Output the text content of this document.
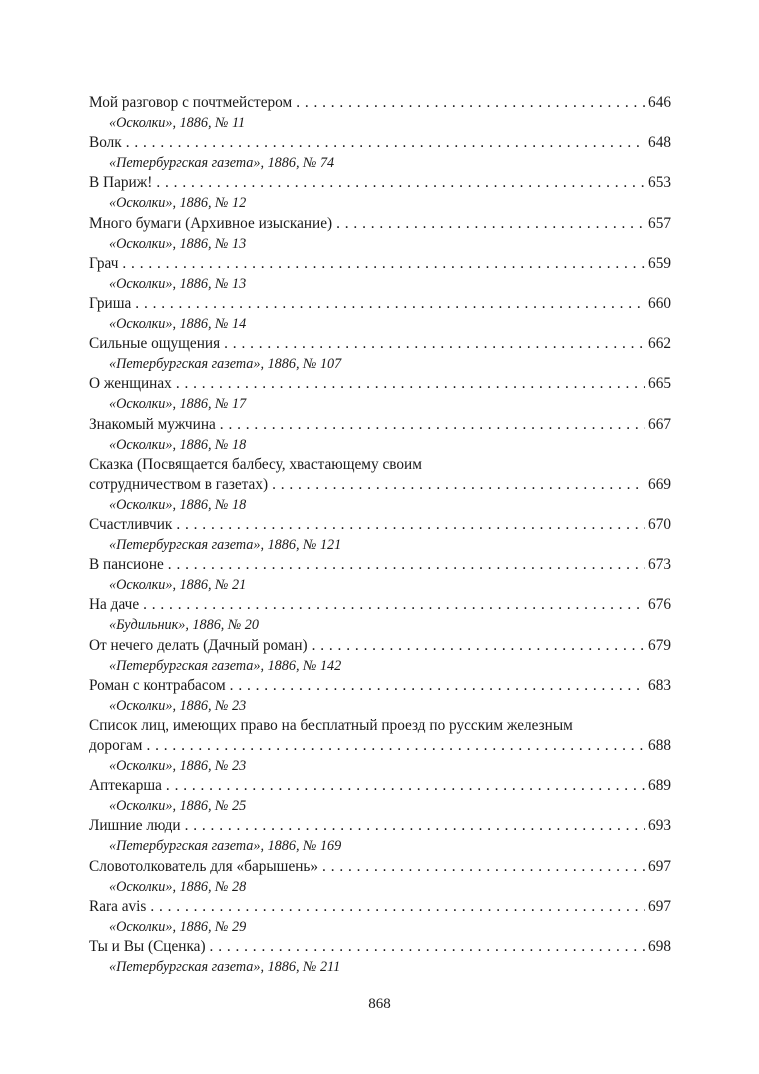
Мой разговор с почтмейстером . . .	646
«Осколки», 1886, № 11
Волк . . .	648
«Петербургская газета», 1886, № 74
В Париж! . . .	653
«Осколки», 1886, № 12
Много бумаги (Архивное изыскание) . . .	657
«Осколки», 1886, № 13
Грач . . .	659
«Осколки», 1886, № 13
Гриша . . .	660
«Осколки», 1886, № 14
Сильные ощущения . . .	662
«Петербургская газета», 1886, № 107
О женщинах . . .	665
«Осколки», 1886, № 17
Знакомый мужчина . . .	667
«Осколки», 1886, № 18
Сказка (Посвящается балбесу, хвастающему своим
сотрудничеством в газетах) . . .	669
«Осколки», 1886, № 18
Счастливчик . . .	670
«Петербургская газета», 1886, № 121
В пансионе . . .	673
«Осколки», 1886, № 21
На даче . . .	676
«Будильник», 1886, № 20
От нечего делать (Дачный роман) . . .	679
«Петербургская газета», 1886, № 142
Роман с контрабасом . . .	683
«Осколки», 1886, № 23
Список лиц, имеющих право на бесплатный проезд по русским железным
дорогам . . .	688
«Осколки», 1886, № 23
Аптекарша . . .	689
«Осколки», 1886, № 25
Лишние люди . . .	693
«Петербургская газета», 1886, № 169
Словотолкователь для «барышень» . . .	697
«Осколки», 1886, № 28
Rara avis . . .	697
«Осколки», 1886, № 29
Ты и Вы (Сценка) . . .	698
«Петербургская газета», 1886, № 211
868
